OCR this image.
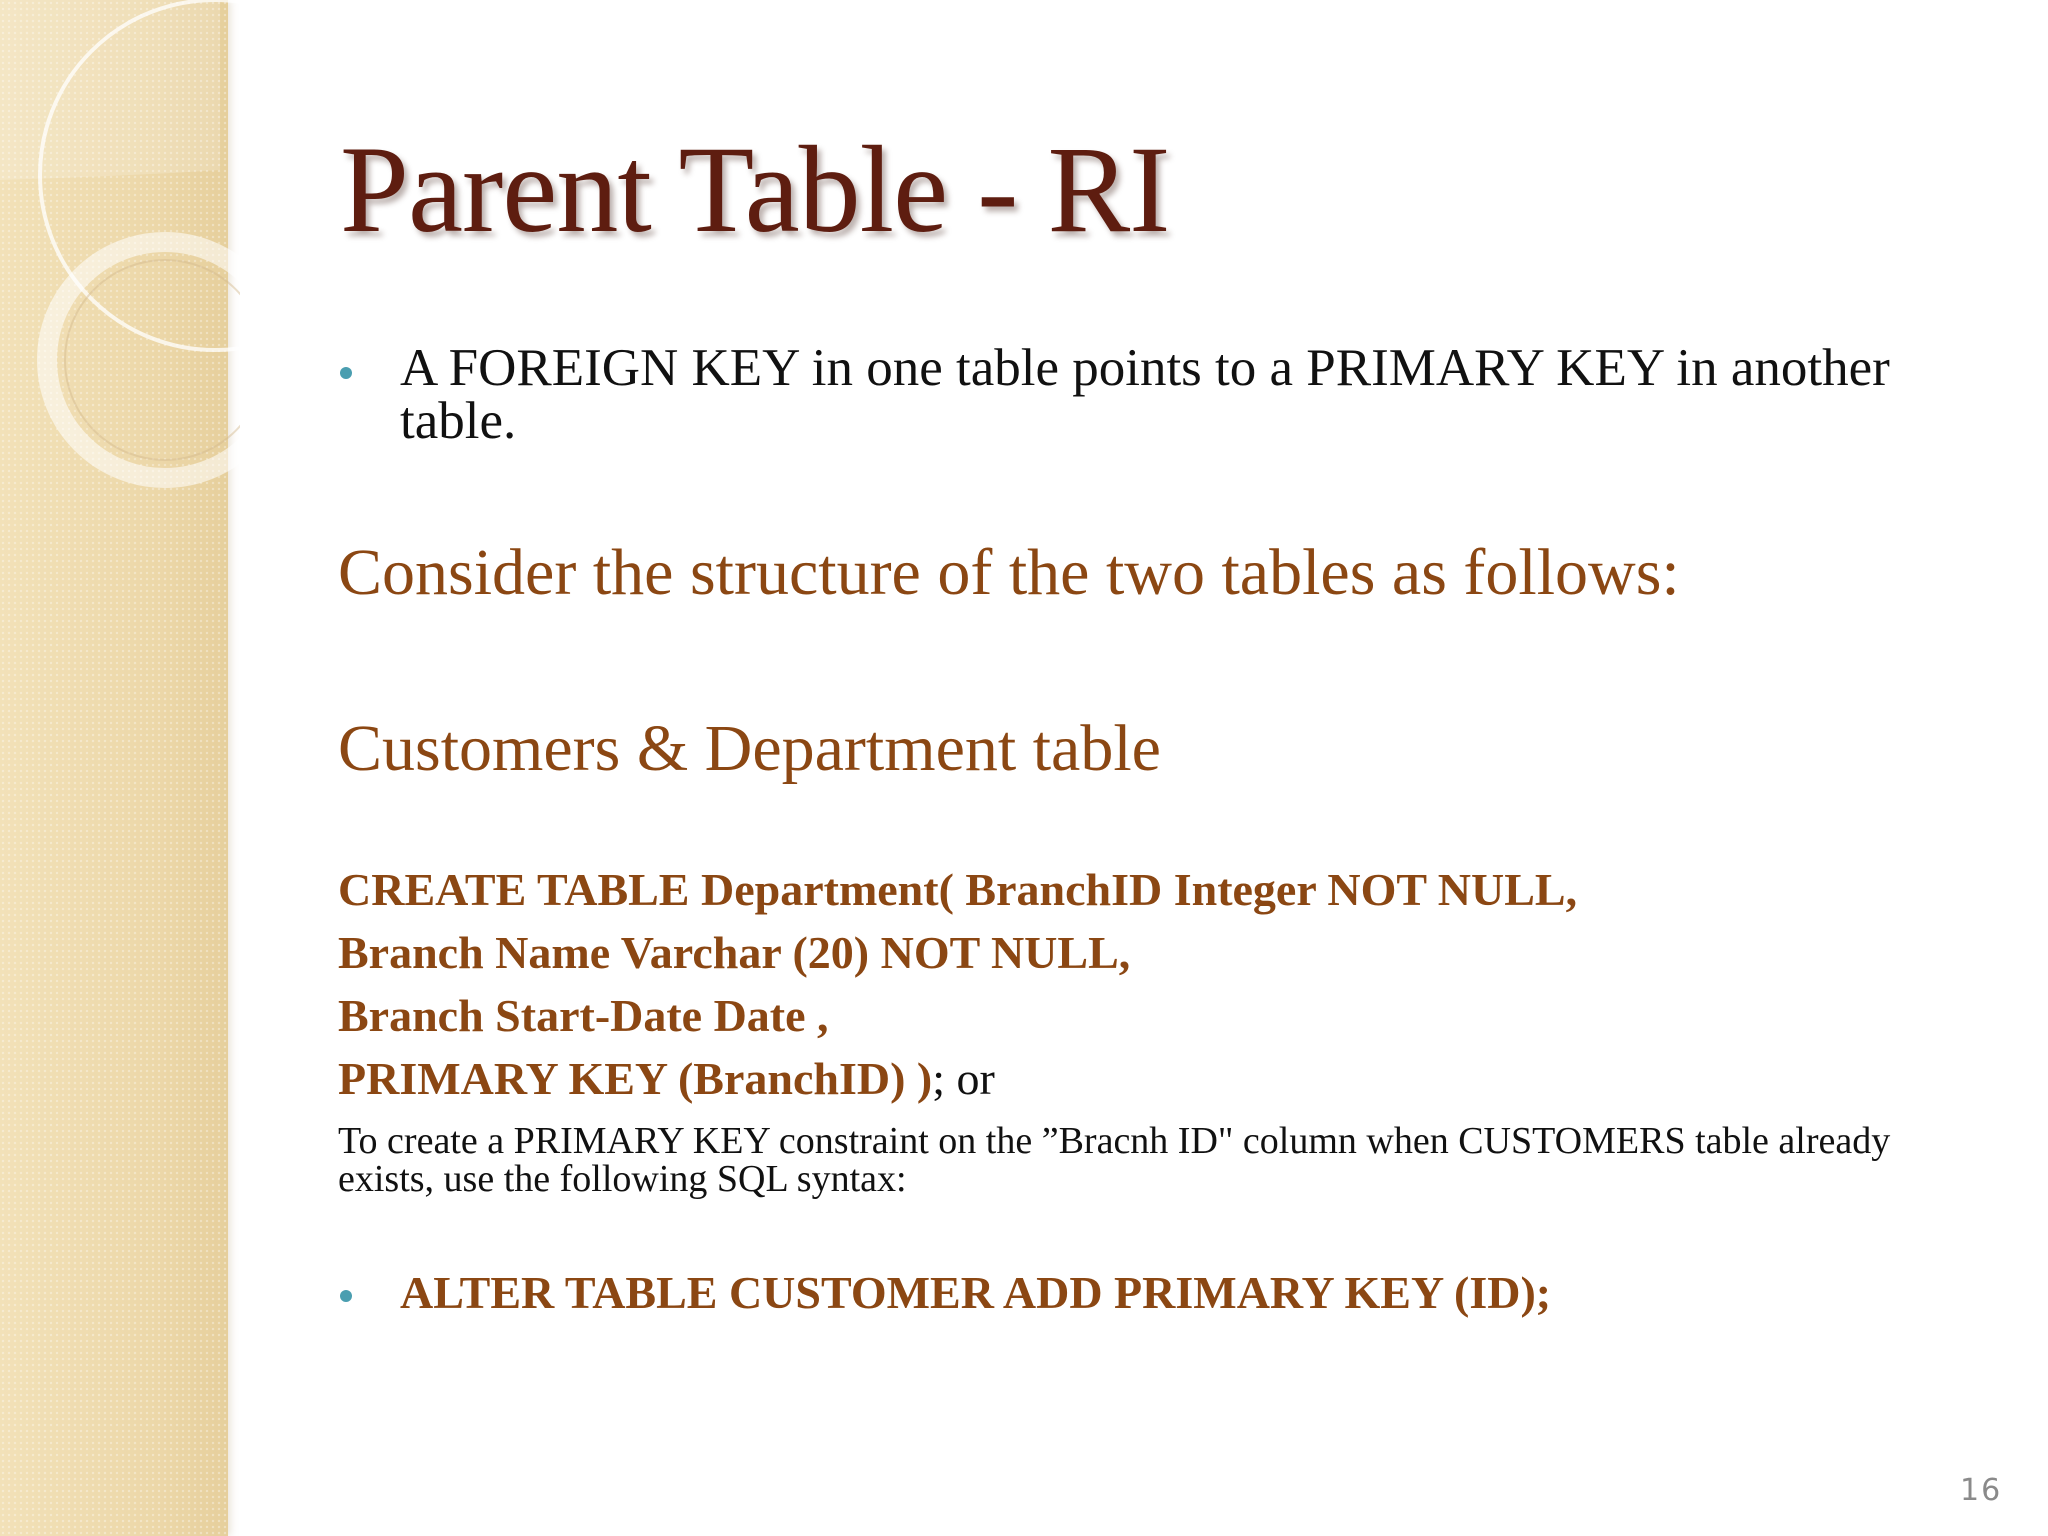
Parent Table - RI
A FOREIGN KEY in one table points to a PRIMARY KEY in another table.
Consider the structure of the two tables as follows:
Customers & Department table
CREATE TABLE Department( BranchID Integer NOT NULL,
Branch Name Varchar (20) NOT NULL,
Branch Start-Date Date ,
PRIMARY KEY (BranchID) ); or
To create a PRIMARY KEY constraint on the ”Bracnh ID" column when CUSTOMERS table already exists, use the following SQL syntax:
ALTER TABLE CUSTOMER ADD PRIMARY KEY (ID);
16
